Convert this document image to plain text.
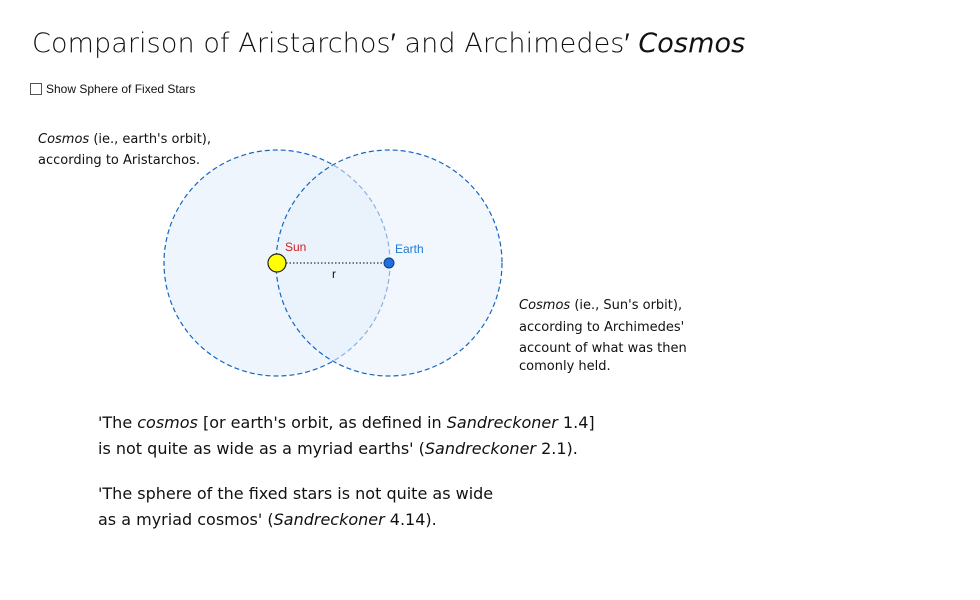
Comparison of Aristarchos′ and Archimedes′ Cosmos
Show Sphere of Fixed Stars
Cosmos (ie., earth's orbit),
according to Aristarchos.
Sun	Earth
r
Cosmos (ie., Sun's orbit),
according to Archimedes'
account of what was then
comonly held.
'The cosmos [or earth's orbit, as defined in Sandreckoner 1.4]
is not quite as wide as a myriad earths' (Sandreckoner 2.1).
'The sphere of the fixed stars is not quite as wide
as a myriad cosmos' (Sandreckoner 4.14).
